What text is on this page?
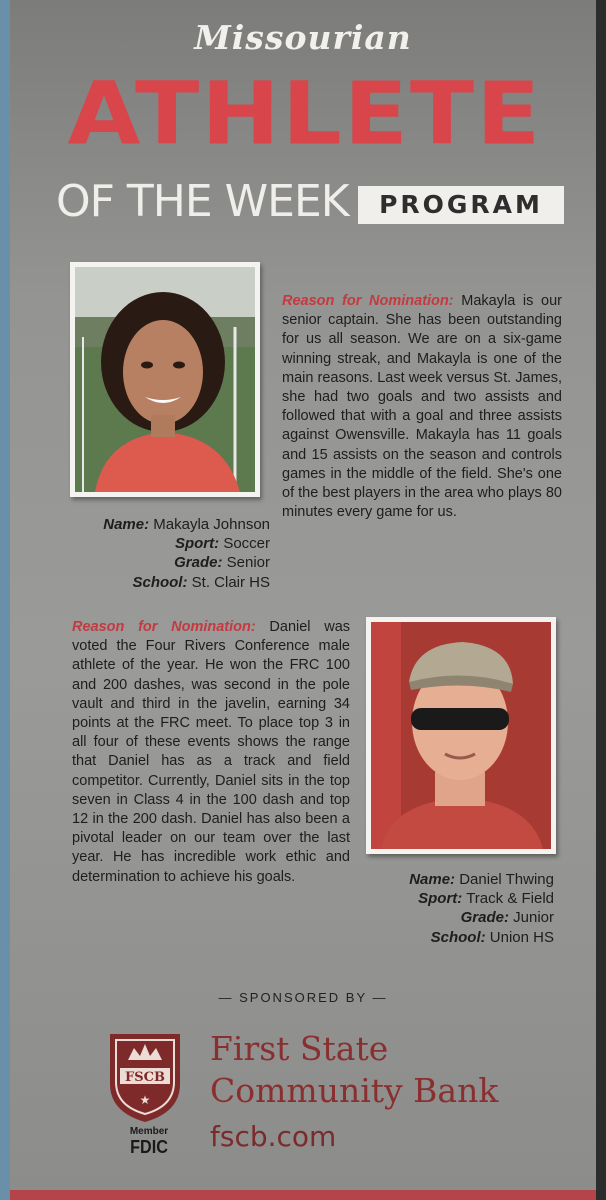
Missourian
ATHLETE
OF THE WEEK	PROGRAM
Reason for Nomination: Makayla is our senior captain. She has been outstanding for us all season. We are on a six-game winning streak, and Makayla is one of the main reasons. Last week versus St. James, she had two goals and two assists and followed that with a goal and three assists against Owensville. Makayla has 11 goals and 15 assists on the season and controls games in the middle of the field. She's one of the best players in the area who plays 80 minutes every game for us.
Name: Makayla Johnson
Sport: Soccer
Grade: Senior
School: St. Clair HS
Reason for Nomination: Daniel was voted the Four Rivers Conference male athlete of the year. He won the FRC 100 and 200 dashes, was second in the pole vault and third in the javelin, earning 34 points at the FRC meet. To place top 3 in all four of these events shows the range that Daniel has as a track and field competitor. Currently, Daniel sits in the top seven in Class 4 in the 100 dash and top 12 in the 200 dash. Daniel has also been a pivotal leader on our team over the last year. He has incredible work ethic and determination to achieve his goals.	Name: Daniel Thwing
Sport: Track & Field
Grade: Junior
School: Union HS
— SPONSORED BY —
FSCB
★
Member
FDIC
First State
Community Bank
fscb.com
